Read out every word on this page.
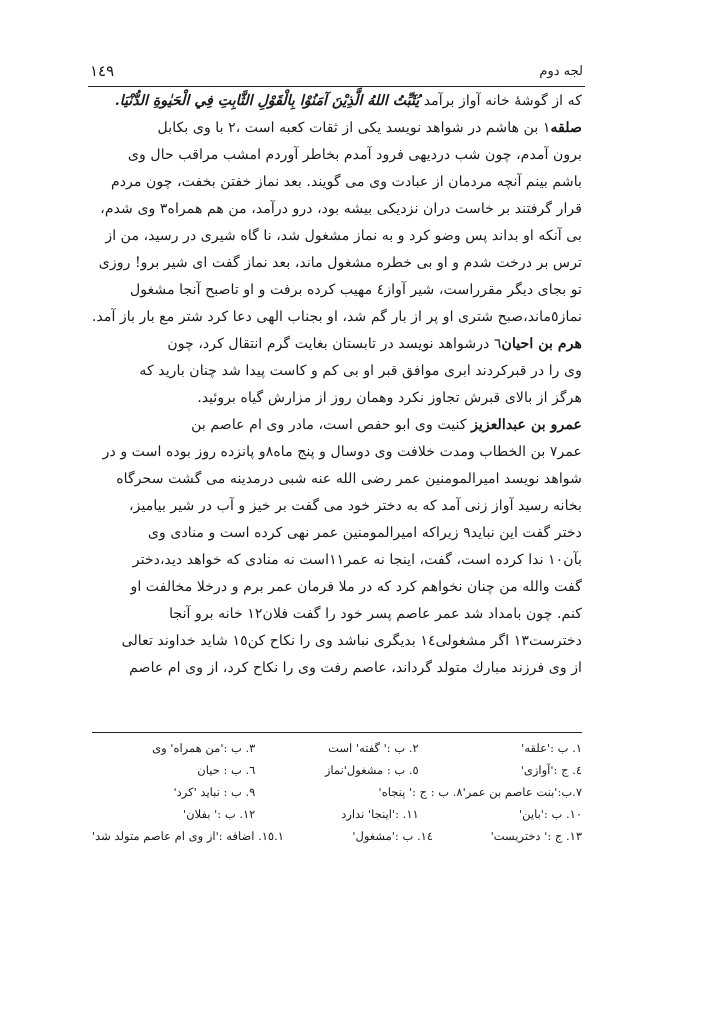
لجه دوم
١٤٩
که از گوشۀ خانه آواز برآمد يُثَبِّتُ اللهُ الَّذِيْنَ آمَنُوْا بِالْقَوْلِ الثَّابِتِ فِي الْحَيٰوةِ الدُّنْيَا.
صلقه١ بن هاشم در شواهد نویسد یکی از ثقات کعبه است ،٢ با وی بکابل
برون آمدم، چون شب دردیهی فرود آمدم بخاطر آوردم امشب مراقب حال وی
باشم بینم آنچه مردمان از عبادت وی می گویند. بعد نماز خفتن بخفت، چون مردم
قرار گرفتند بر خاست دران نزدیکی بیشه بود، درو درآمد، من هم همراه٣ وی شدم،
بی آنکه او بداند پس وضو کرد و به نماز مشغول شد، نا گاه شیری در رسید، من از
ترس بر درخت شدم و او بی خطره مشغول ماند، بعد نماز گفت ای شیر برو! روزی
تو بجای دیگر مقرراست، شیر آواز٤ مهیب کرده برفت و او تاصبح آنجا مشغول
نماز٥ماند،صبح شتری او پر از بار گم شد، او بجناب الهی دعا کرد شتر مع بار باز آمد.
هرم بن احیان٦ درشواهد نویسد در تابستان بغایت گرم انتقال کرد، چون
وی را در قبرکردند ابری موافق قبر او بی کم و کاست پیدا شد چنان بارید که
هرگز از بالای قبرش تجاوز نکرد وهمان روز از مزارش گیاه بروئید.
عمرو بن عبدالعزيز کنیت وی ابو حفص است، مادر وی ام عاصم بن
عمر٧ بن الخطاب ومدت خلافت وی دوسال و پنج ماه٨و پانزده روز بوده است و در
شواهد نویسد امیرالمومنین عمر رضی الله عنه شبی درمدینه می گشت سحرگاه
بخانه رسید آواز زنی آمد که به دختر خود می گفت بر خیز و آب در شیر بیامیز،
دختر گفت این نباید٩ زیراکه امیرالمومنین عمر نهی کرده است و منادی وی
بآن١٠ ندا کرده است، گفت، اینجا نه عمر١١است نه منادی که خواهد دید،دختر
گفت والله من چنان نخواهم کرد که در ملا فرمان عمر برم و درخلا مخالفت او
کنم. چون بامداد شد عمر عاصم پسر خود را گفت فلان١٢ خانه برو آنجا
دخترست١٣ اگر مشغولی١٤ بدیگری نباشد وی را نکاح کن١٥ شاید خداوند تعالی
از وی فرزند مبارك متولد گرداند، عاصم رفت وی را نکاح کرد، از وی ام عاصم
١. ب :'علقه'
٢. ب :' گفته' است
٣. ب :'من همراه' وی
٤. ج :'آوازی'
٥. ب : مشغول'نماز
٦. ب : حیان
٧.ب:'بنت عاصم بن عمر'٨. ب : ج :' پنجاه'
٩. ب : نباید 'کرد'
١٠. ب :'باین'
١١. :'اینجا' ندارد
١٢. ب :' بفلان'
١٣. ج :' دختریست'
١٤. ب :'مشغول'
١٥.١. اضافه :'از وی ام عاصم متولد شد'
